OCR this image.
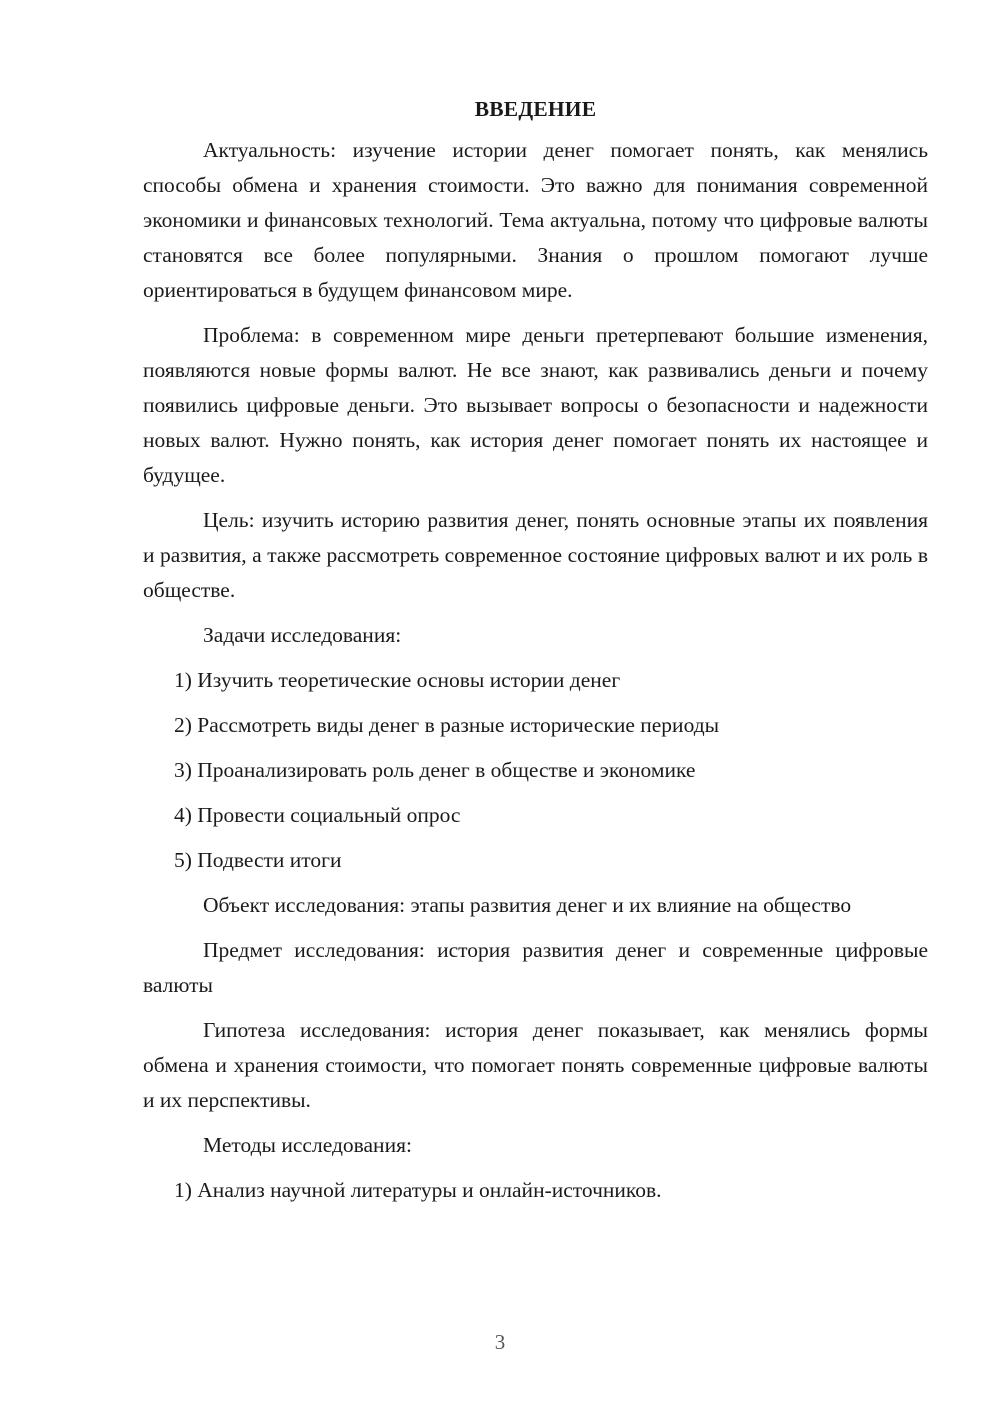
ВВЕДЕНИЕ

Актуальность: изучение истории денег помогает понять, как менялись способы обмена и хранения стоимости. Это важно для понимания современной экономики и финансовых технологий. Тема актуальна, потому что цифровые валюты становятся все более популярными. Знания о прошлом помогают лучше ориентироваться в будущем финансовом мире.

Проблема: в современном мире деньги претерпевают большие изменения, появляются новые формы валют. Не все знают, как развивались деньги и почему появились цифровые деньги. Это вызывает вопросы о безопасности и надежности новых валют. Нужно понять, как история денег помогает понять их настоящее и будущее.

Цель: изучить историю развития денег, понять основные этапы их появления и развития, а также рассмотреть современное состояние цифровых валют и их роль в обществе.

Задачи исследования:

1) Изучить теоретические основы истории денег

2) Рассмотреть виды денег в разные исторические периоды

3) Проанализировать роль денег в обществе и экономике

4) Провести социальный опрос

5) Подвести итоги

Объект исследования: этапы развития денег и их влияние на общество

Предмет исследования: история развития денег и современные цифровые валюты

Гипотеза исследования: история денег показывает, как менялись формы обмена и хранения стоимости, что помогает понять современные цифровые валюты и их перспективы.

Методы исследования:

1) Анализ научной литературы и онлайн-источников.

3
